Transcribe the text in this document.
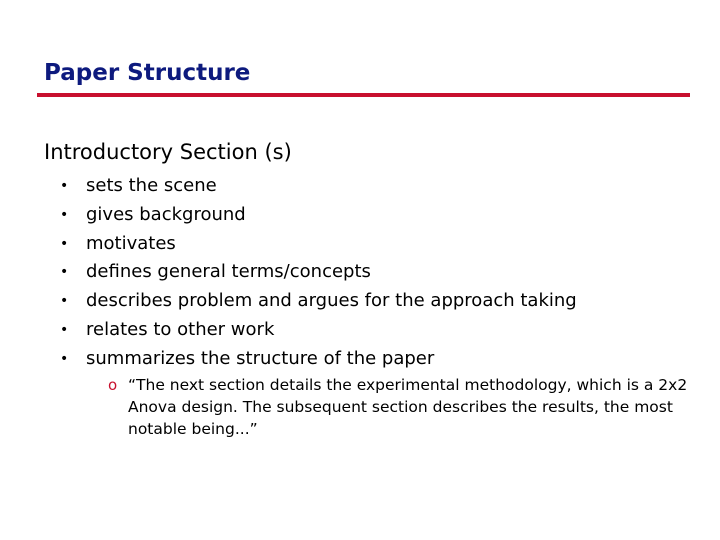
Paper Structure
Introductory Section (s)
• sets the scene
• gives background
• motivates
• defines general terms/concepts
• describes problem and argues for the approach taking
• relates to other work
• summarizes the structure of the paper
o “The next section details the experimental methodology, which is a 2x2 Anova design. The subsequent section describes the results, the most notable being...”
